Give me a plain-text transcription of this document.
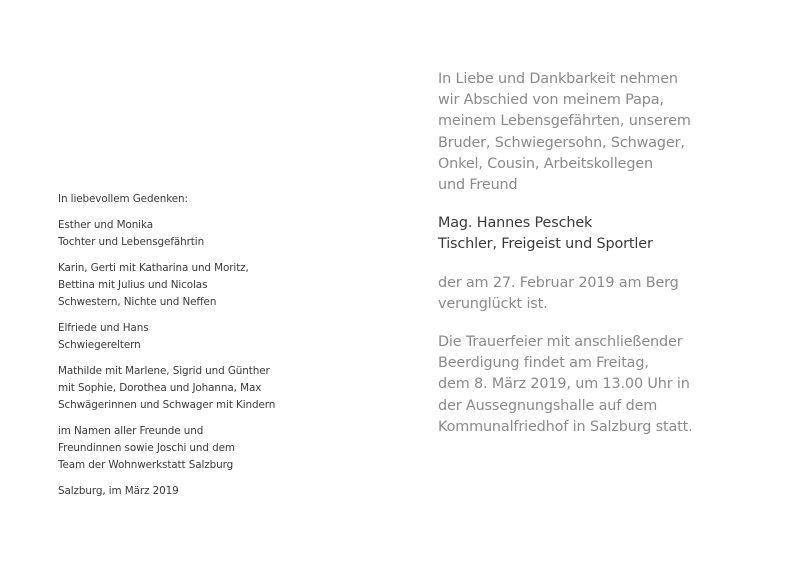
In liebevollem Gedenken:
Esther und Monika
Tochter und Lebensgefährtin
Karin, Gerti mit Katharina und Moritz,
Bettina mit Julius und Nicolas
Schwestern, Nichte und Neffen
Elfriede und Hans
Schwiegereltern
Mathilde mit Marlene, Sigrid und Günther
mit Sophie, Dorothea und Johanna, Max
Schwägerinnen und Schwager mit Kindern
im Namen aller Freunde und
Freundinnen sowie Joschi und dem
Team der Wohnwerkstatt Salzburg
Salzburg, im März 2019
In Liebe und Dankbarkeit nehmen
wir Abschied von meinem Papa,
meinem Lebensgefährten, unserem
Bruder, Schwiegersohn, Schwager,
Onkel, Cousin, Arbeitskollegen
und Freund
Mag. Hannes Peschek
Tischler, Freigeist und Sportler
der am 27. Februar 2019 am Berg
verunglückt ist.
Die Trauerfeier mit anschließender
Beerdigung findet am Freitag,
dem 8. März 2019, um 13.00 Uhr in
der Aussegnungshalle auf dem
Kommunalfriedhof in Salzburg statt.
